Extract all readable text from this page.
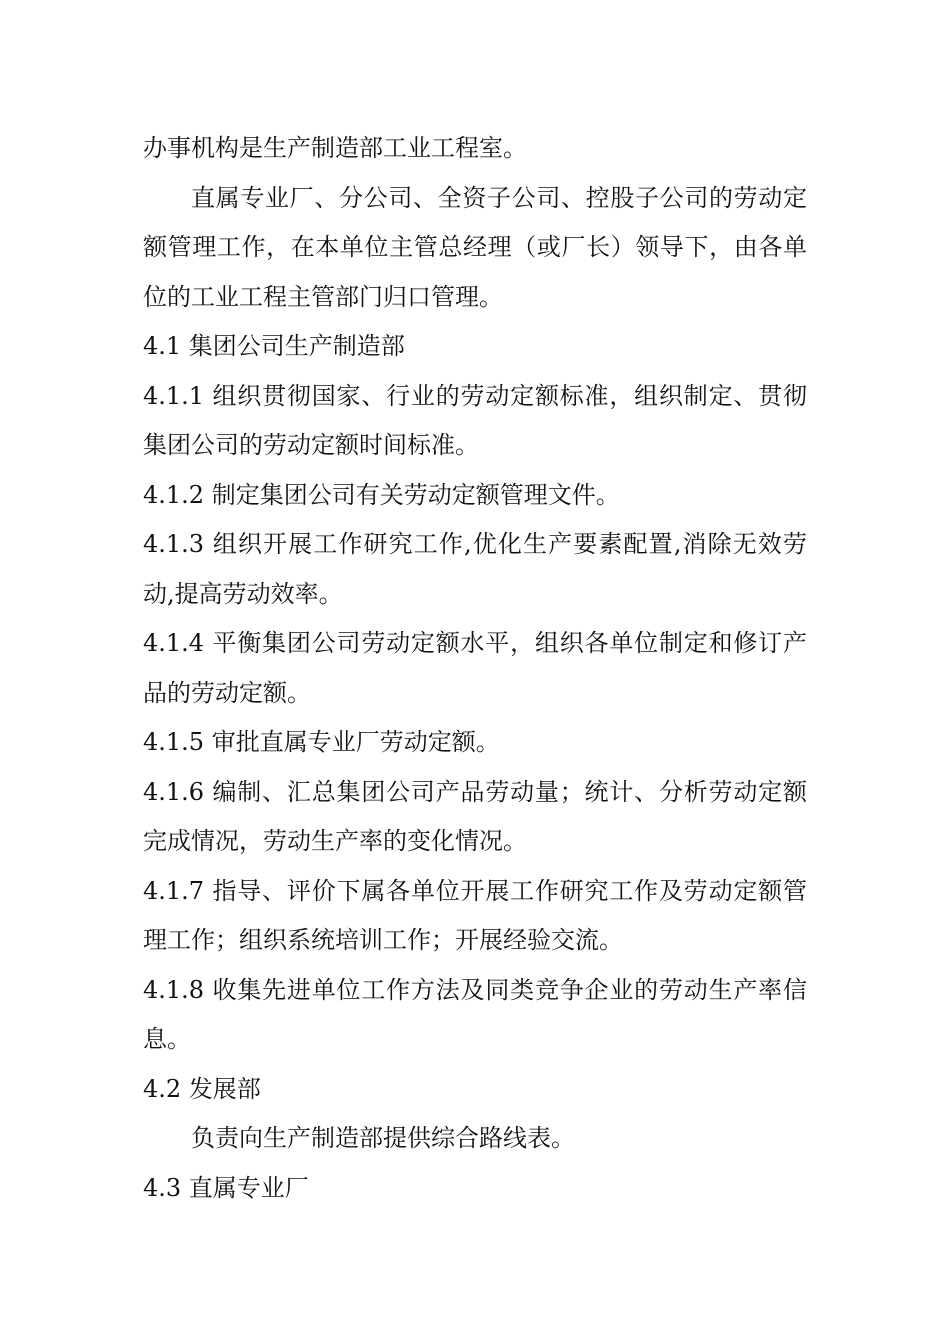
办事机构是生产制造部工业工程室。

直属专业厂、分公司、全资子公司、控股子公司的劳动定额管理工作，在本单位主管总经理（或厂长）领导下，由各单位的工业工程主管部门归口管理。

4.1 集团公司生产制造部

4.1.1 组织贯彻国家、行业的劳动定额标准，组织制定、贯彻集团公司的劳动定额时间标准。

4.1.2 制定集团公司有关劳动定额管理文件。

4.1.3 组织开展工作研究工作,优化生产要素配置,消除无效劳动,提高劳动效率。

4.1.4 平衡集团公司劳动定额水平，组织各单位制定和修订产品的劳动定额。

4.1.5 审批直属专业厂劳动定额。

4.1.6 编制、汇总集团公司产品劳动量；统计、分析劳动定额完成情况，劳动生产率的变化情况。

4.1.7 指导、评价下属各单位开展工作研究工作及劳动定额管理工作；组织系统培训工作；开展经验交流。

4.1.8 收集先进单位工作方法及同类竞争企业的劳动生产率信息。

4.2 发展部

负责向生产制造部提供综合路线表。

4.3 直属专业厂
